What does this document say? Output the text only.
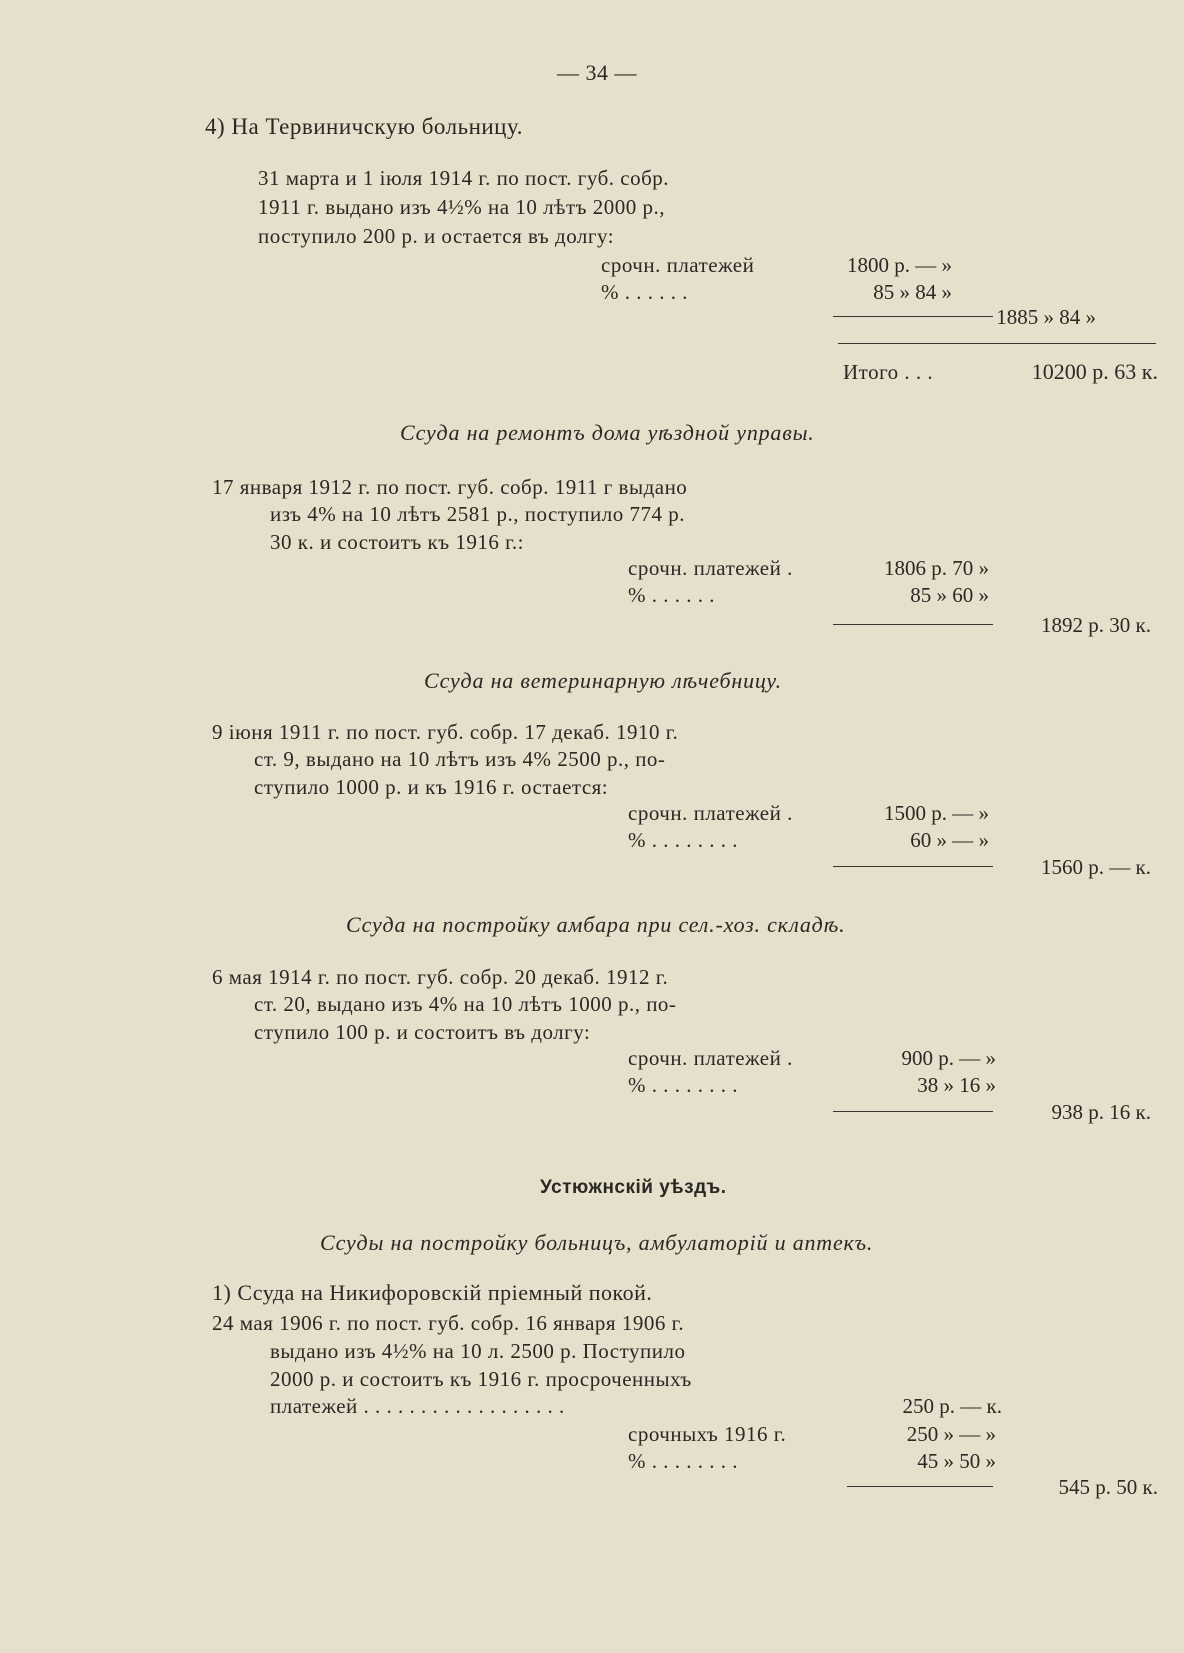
— 34 —
4) На Тервиничскую больницу.
31 марта и 1 іюля 1914 г. по пост. губ. собр.
1911 г. выдано изъ 4½% на 10 лѣтъ 2000 р.,
поступило 200 р. и остается въ долгу:
срочн. платежей	1800 р. — »
% . . . . . .	85 » 84 »
1885 » 84 »
Итого . . .	10200 р. 63 к.
Ссуда на ремонтъ дома уѣздной управы.
17 января 1912 г. по пост. губ. собр. 1911 г выдано
изъ 4% на 10 лѣтъ 2581 р., поступило 774 р.
30 к. и состоитъ къ 1916 г.:
срочн. платежей .	1806 р. 70 »
% . . . . . .	85 » 60 »
1892 р. 30 к.
Ссуда на ветеринарную лѣчебницу.
9 іюня 1911 г. по пост. губ. собр. 17 декаб. 1910 г.
ст. 9, выдано на 10 лѣтъ изъ 4% 2500 р., по-
ступило 1000 р. и къ 1916 г. остается:
срочн. платежей .	1500 р. — »
% . . . . . . . .	60 » — »
1560 р. — к.
Ссуда на постройку амбара при сел.-хоз. складѣ.
6 мая 1914 г. по пост. губ. собр. 20 декаб. 1912 г.
ст. 20, выдано изъ 4% на 10 лѣтъ 1000 р., по-
ступило 100 р. и состоитъ въ долгу:
срочн. платежей .	900 р. — »
% . . . . . . . .	38 » 16 »
938 р. 16 к.
Устюжнскій уѣздъ.
Ссуды на постройку больницъ, амбулаторій и аптекъ.
1) Ссуда на Никифоровскій пріемный покой.
24 мая 1906 г. по пост. губ. собр. 16 января 1906 г.
выдано изъ 4½% на 10 л. 2500 р. Поступило
2000 р. и состоитъ къ 1916 г. просроченныхъ
платежей . . . . . . . . . . . . . . . . . .	250 р. — к.
срочныхъ 1916 г.	250 » — »
% . . . . . . . .	45 » 50 »
545 р. 50 к.
